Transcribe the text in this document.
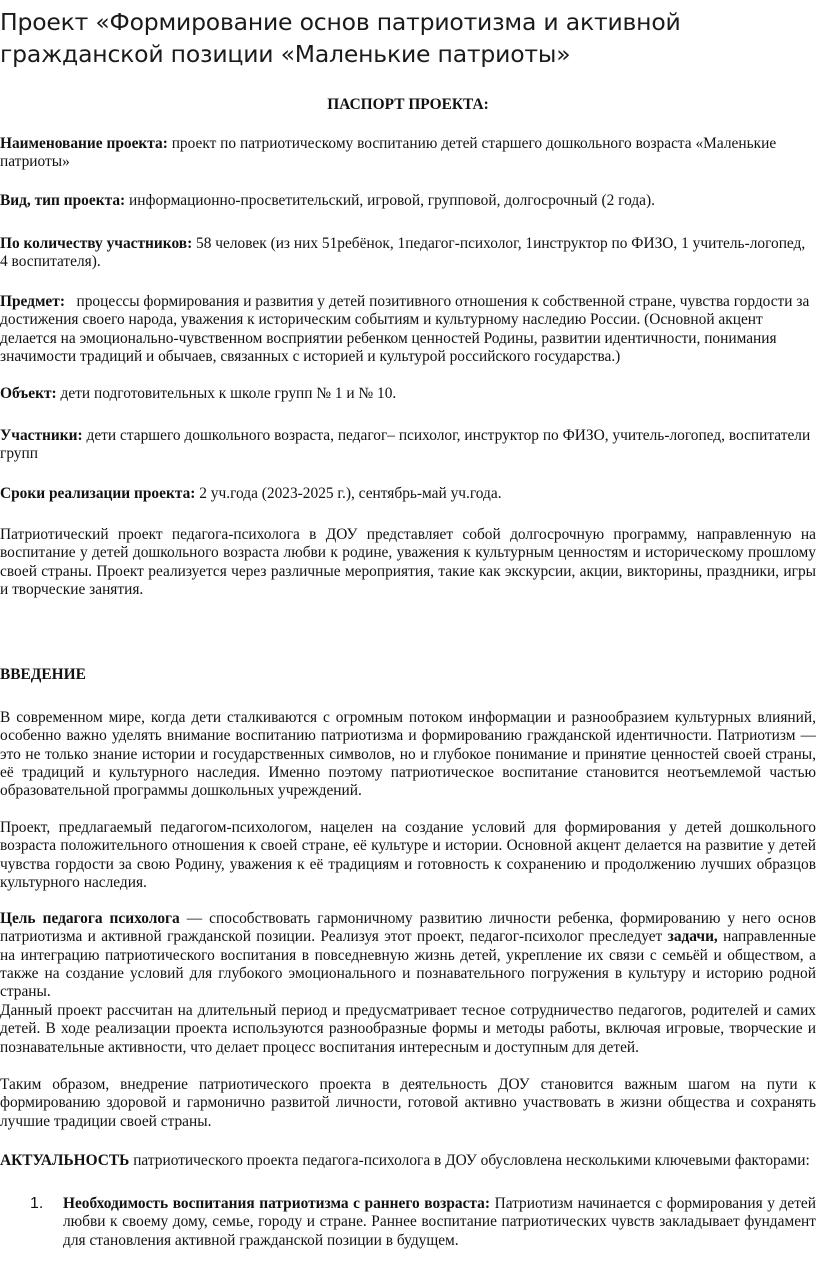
Проект «Формирование основ патриотизма и активной гражданской позиции «Маленькие патриоты»

ПАСПОРТ ПРОЕКТА:

Наименование проекта: проект по патриотическому воспитанию детей старшего дошкольного возраста «Маленькие патриоты»

Вид, тип проекта: информационно-просветительский, игровой, групповой, долгосрочный (2 года).

По количеству участников: 58 человек (из них 51ребёнок, 1педагог-психолог, 1инструктор по ФИЗО, 1 учитель-логопед, 4 воспитателя).

Предмет:   процессы формирования и развития у детей позитивного отношения к собственной стране, чувства гордости за достижения своего народа, уважения к историческим событиям и культурному наследию России. (Основной акцент делается на эмоционально-чувственном восприятии ребенком ценностей Родины, развитии идентичности, понимания значимости традиций и обычаев, связанных с историей и культурой российского государства.)

Объект: дети подготовительных к школе групп № 1 и № 10.

Участники: дети старшего дошкольного возраста, педагог– психолог, инструктор по ФИЗО, учитель-логопед, воспитатели групп

Сроки реализации проекта: 2 уч.года (2023-2025 г.), сентябрь-май уч.года.

Патриотический проект педагога-психолога в ДОУ представляет собой долгосрочную программу, направленную на воспитание у детей дошкольного возраста любви к родине, уважения к культурным ценностям и историческому прошлому своей страны. Проект реализуется через различные мероприятия, такие как экскурсии, акции, викторины, праздники, игры и творческие занятия.

ВВЕДЕНИЕ

В современном мире, когда дети сталкиваются с огромным потоком информации и разнообразием культурных влияний, особенно важно уделять внимание воспитанию патриотизма и формированию гражданской идентичности. Патриотизм — это не только знание истории и государственных символов, но и глубокое понимание и принятие ценностей своей страны, её традиций и культурного наследия. Именно поэтому патриотическое воспитание становится неотъемлемой частью образовательной программы дошкольных учреждений.

Проект, предлагаемый педагогом-психологом, нацелен на создание условий для формирования у детей дошкольного возраста положительного отношения к своей стране, её культуре и истории. Основной акцент делается на развитие у детей чувства гордости за свою Родину, уважения к её традициям и готовность к сохранению и продолжению лучших образцов культурного наследия.

Цель педагога психолога — способствовать гармоничному развитию личности ребенка, формированию у него основ патриотизма и активной гражданской позиции. Реализуя этот проект, педагог-психолог преследует задачи, направленные на интеграцию патриотического воспитания в повседневную жизнь детей, укрепление их связи с семьёй и обществом, а также на создание условий для глубокого эмоционального и познавательного погружения в культуру и историю родной страны.

Данный проект рассчитан на длительный период и предусматривает тесное сотрудничество педагогов, родителей и самих детей. В ходе реализации проекта используются разнообразные формы и методы работы, включая игровые, творческие и познавательные активности, что делает процесс воспитания интересным и доступным для детей.

Таким образом, внедрение патриотического проекта в деятельность ДОУ становится важным шагом на пути к формированию здоровой и гармонично развитой личности, готовой активно участвовать в жизни общества и сохранять лучшие традиции своей страны.

АКТУАЛЬНОСТЬ патриотического проекта педагога-психолога в ДОУ обусловлена несколькими ключевыми факторами:

1. Необходимость воспитания патриотизма с раннего возраста: Патриотизм начинается с формирования у детей любви к своему дому, семье, городу и стране. Раннее воспитание патриотических чувств закладывает фундамент для становления активной гражданской позиции в будущем.
